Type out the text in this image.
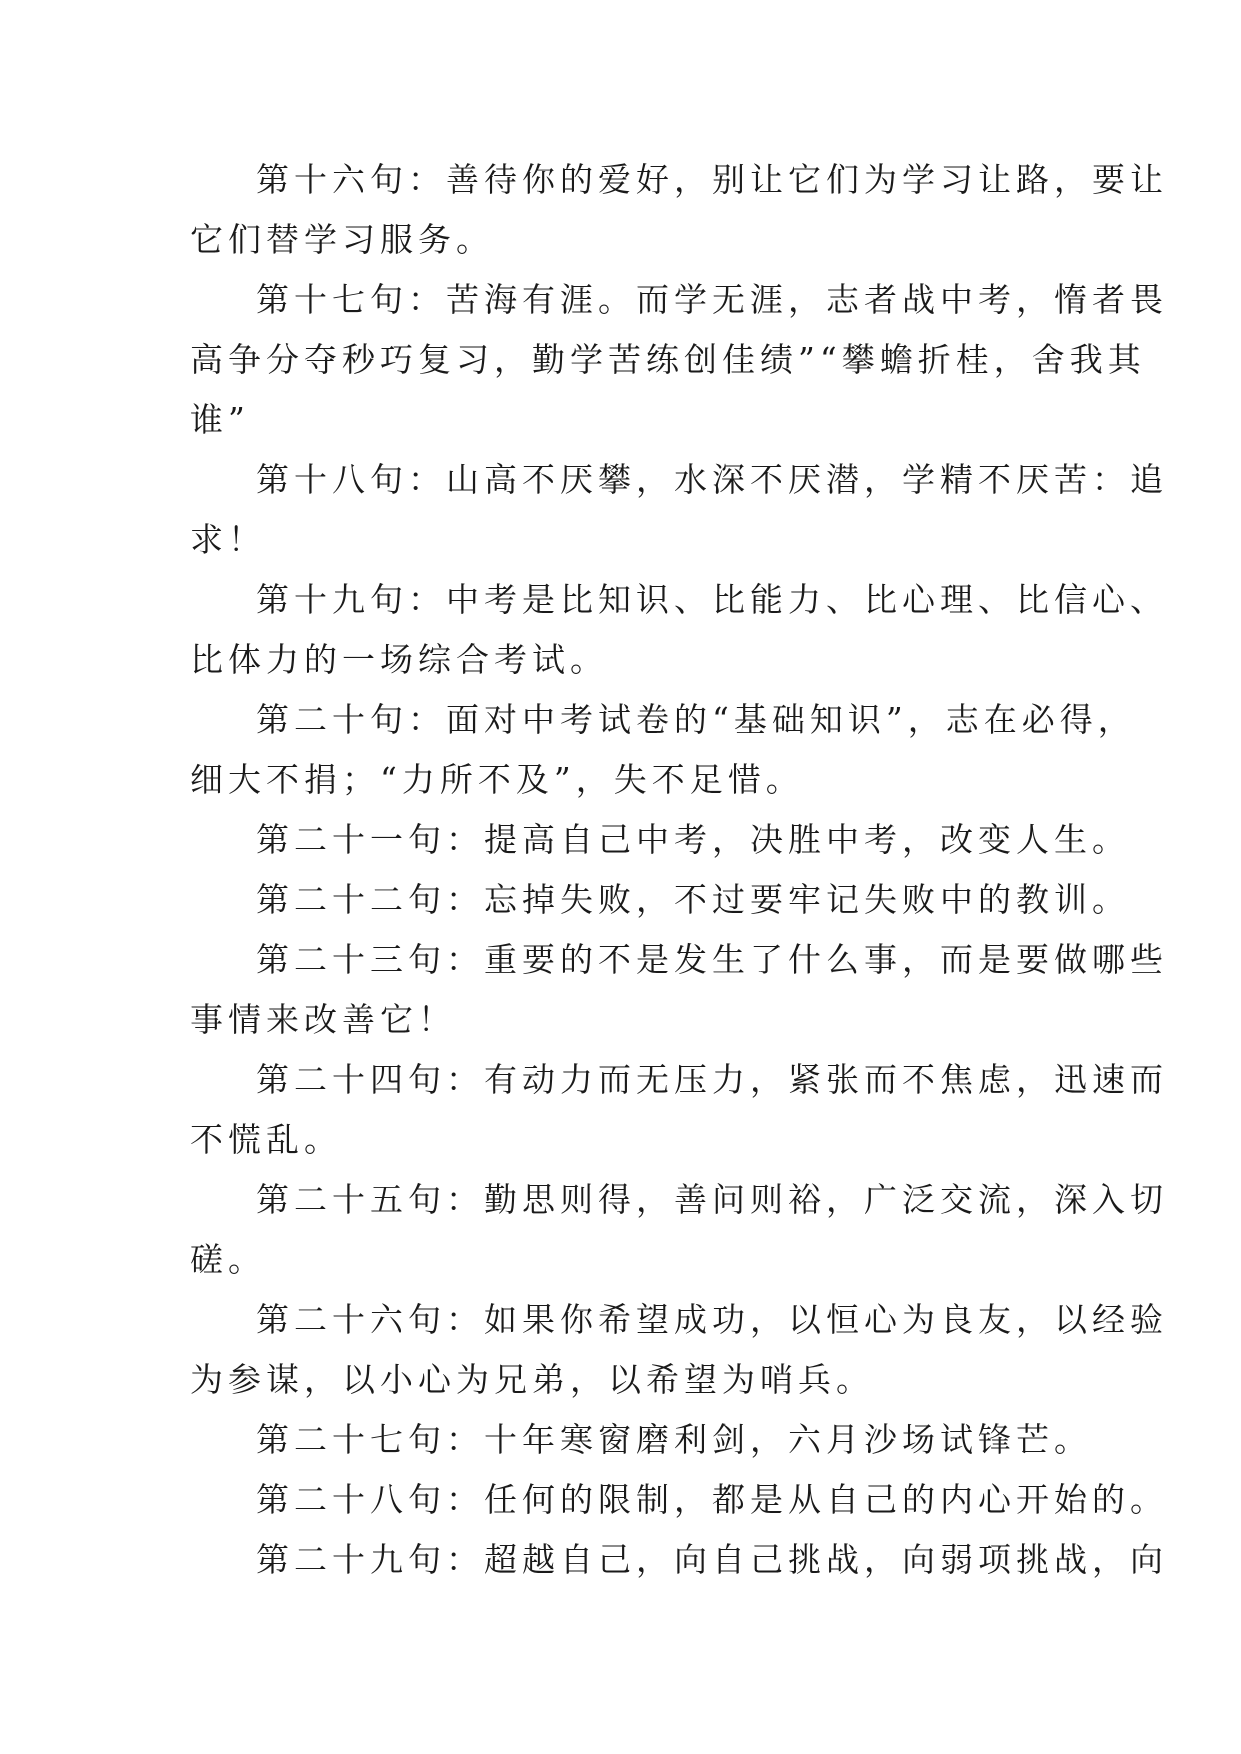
第十六句：善待你的爱好，别让它们为学习让路，要让
它们替学习服务。

第十七句：苦海有涯。而学无涯，志者战中考，惰者畏
高争分夺秒巧复习，勤学苦练创佳绩”“攀蟾折桂，舍我其
谁”

第十八句：山高不厌攀，水深不厌潜，学精不厌苦：追
求！

第十九句：中考是比知识、比能力、比心理、比信心、
比体力的一场综合考试。

第二十句：面对中考试卷的“基础知识”，志在必得，
细大不捐；“力所不及”，失不足惜。

第二十一句：提高自己中考，决胜中考，改变人生。

第二十二句：忘掉失败，不过要牢记失败中的教训。

第二十三句：重要的不是发生了什么事，而是要做哪些
事情来改善它！

第二十四句：有动力而无压力，紧张而不焦虑，迅速而
不慌乱。

第二十五句：勤思则得，善问则裕，广泛交流，深入切
磋。

第二十六句：如果你希望成功，以恒心为良友，以经验
为参谋，以小心为兄弟，以希望为哨兵。

第二十七句：十年寒窗磨利剑，六月沙场试锋芒。

第二十八句：任何的限制，都是从自己的内心开始的。

第二十九句：超越自己，向自己挑战，向弱项挑战，向
